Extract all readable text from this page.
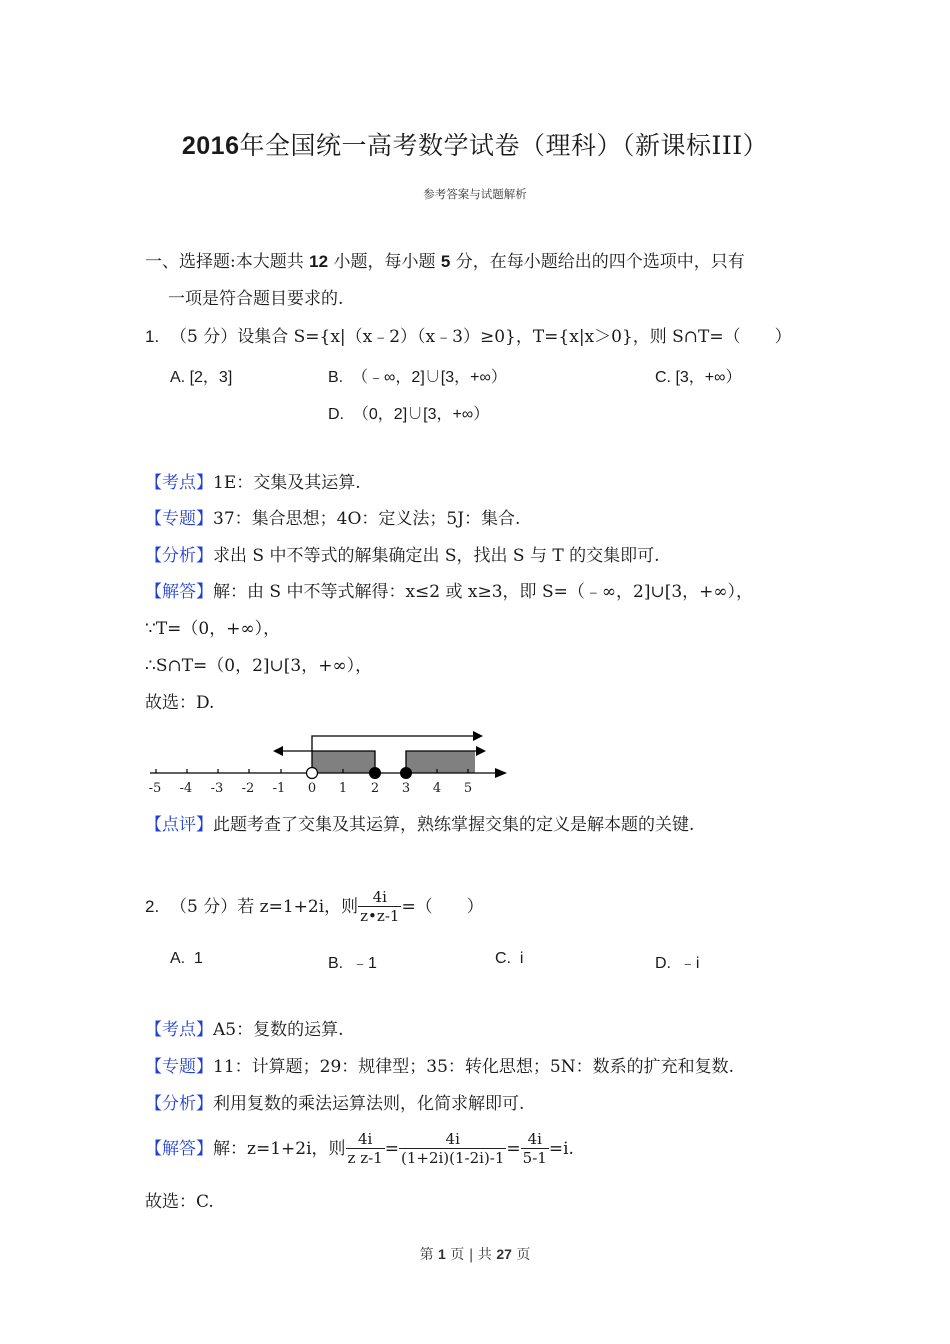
2016年全国统一高考数学试卷（理科）（新课标III）
参考答案与试题解析
一、选择题:本大题共 12 小题，每小题 5 分，在每小题给出的四个选项中，只有
一项是符合题目要求的.
1. （5 分）设集合 S={x|（x﹣2）（x﹣3）≥0}，T={x|x＞0}，则 S∩T=（　　）
A. [2，3]	B. （﹣∞，2]∪[3，+∞）	C. [3，+∞）
D. （0，2]∪[3，+∞）
【考点】1E：交集及其运算.
【专题】37：集合思想；4O：定义法；5J：集合.
【分析】求出 S 中不等式的解集确定出 S，找出 S 与 T 的交集即可.
【解答】解：由 S 中不等式解得：x≤2 或 x≥3，即 S=（﹣∞，2]∪[3，+∞），
∵T=（0，+∞），
∴S∩T=（0，2]∪[3，+∞），
故选：D.
-5 -4 -3 -2 -1 0 1 2 3 4 5
【点评】此题考查了交集及其运算，熟练掌握交集的定义是解本题的关键.
2.
（5 分）若 z=1+2i，则 $\frac{4i}{z•\overline{z}-1}$ =（　　）
A. 1	B. ﹣1	C. i	D. ﹣i
【考点】A5：复数的运算.
【专题】11：计算题；29：规律型；35：转化思想；5N：数系的扩充和复数.
【分析】利用复数的乘法运算法则，化简求解即可.
【解答】 解：z=1+2i，则 $\frac{4i}{z \overline{z}-1} = \frac{4i}{(1+2i)(1-2i)-1} = \frac{4i}{5-1} =i$.
故选：C.
第 1 页 | 共 27 页
